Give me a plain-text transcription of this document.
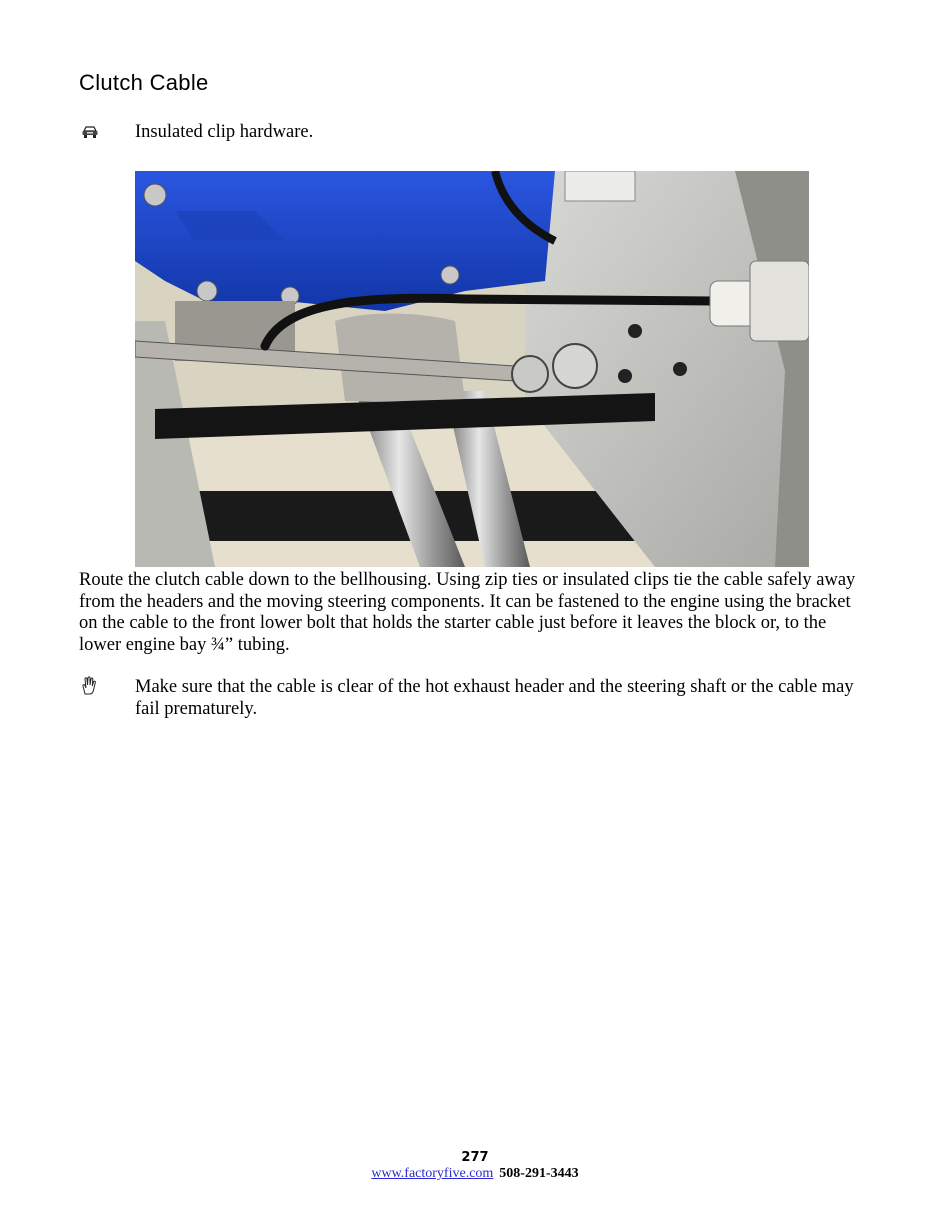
Clutch Cable
Insulated clip hardware.

Route the clutch cable down to the bellhousing. Using zip ties or insulated clips tie the cable safely away from the headers and the moving steering components. It can be fastened to the engine using the bracket on the cable to the front lower bolt that holds the starter cable just before it leaves the block or, to the lower engine bay ¾” tubing.

Make sure that the cable is clear of the hot exhaust header and the steering shaft or the cable may fail prematurely.
277
www.factoryfive.com 508-291-3443
